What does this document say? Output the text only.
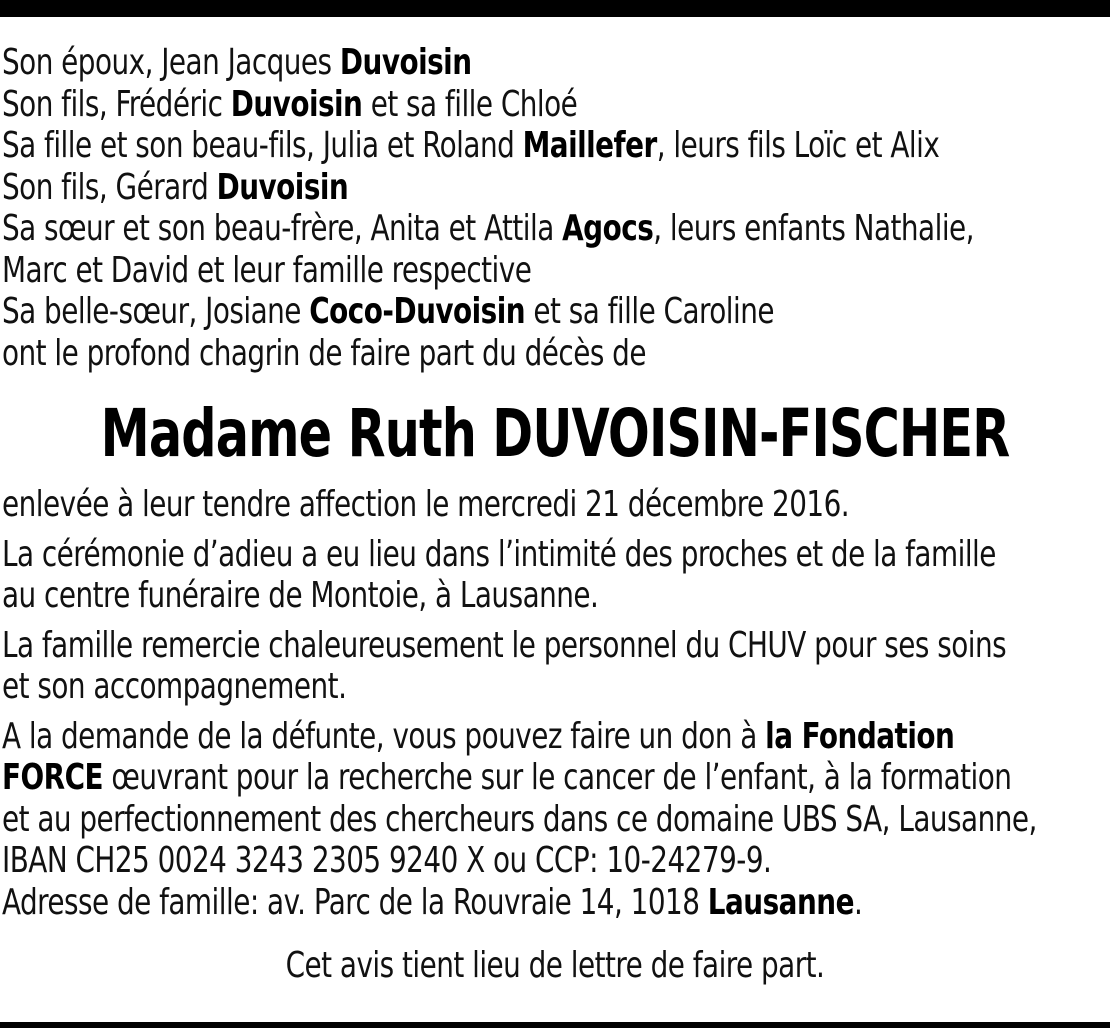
Son époux, Jean Jacques Duvoisin
Son fils, Frédéric Duvoisin et sa fille Chloé
Sa fille et son beau-fils, Julia et Roland Maillefer, leurs fils Loïc et Alix
Son fils, Gérard Duvoisin
Sa sœur et son beau-frère, Anita et Attila Agocs, leurs enfants Nathalie,
Marc et David et leur famille respective
Sa belle-sœur, Josiane Coco-Duvoisin et sa fille Caroline
ont le profond chagrin de faire part du décès de
Madame Ruth DUVOISIN-FISCHER
enlevée à leur tendre affection le mercredi 21 décembre 2016.
La cérémonie d’adieu a eu lieu dans l’intimité des proches et de la famille
au centre funéraire de Montoie, à Lausanne.
La famille remercie chaleureusement le personnel du CHUV pour ses soins
et son accompagnement.
A la demande de la défunte, vous pouvez faire un don à la Fondation
FORCE œuvrant pour la recherche sur le cancer de l’enfant, à la formation
et au perfectionnement des chercheurs dans ce domaine UBS SA, Lausanne,
IBAN CH25 0024 3243 2305 9240 X ou CCP: 10-24279-9.
Adresse de famille: av. Parc de la Rouvraie 14, 1018 Lausanne.
Cet avis tient lieu de lettre de faire part.
